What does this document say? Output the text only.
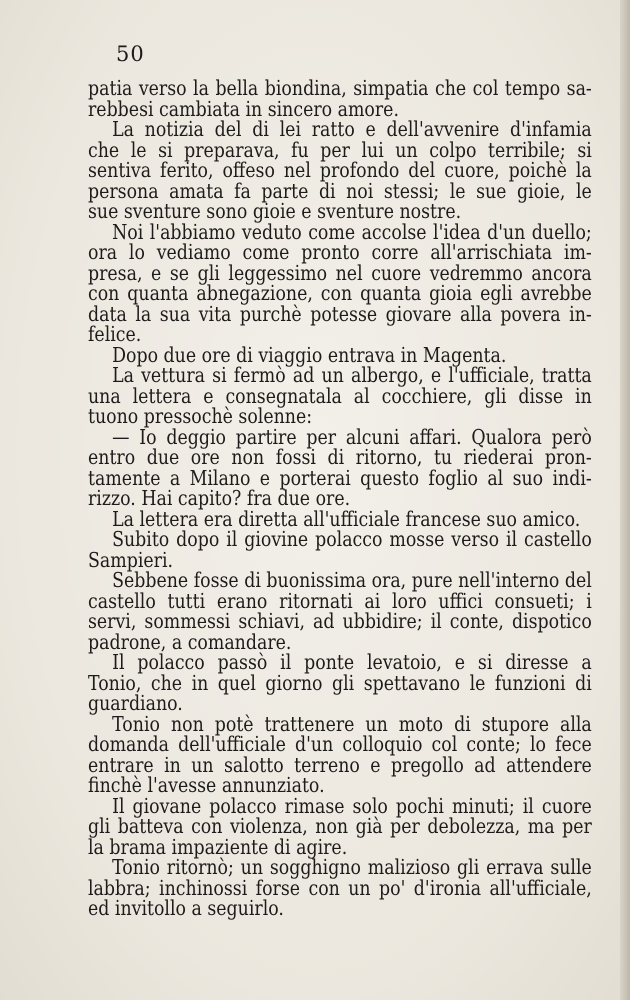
50
patia verso la bella biondina, simpatia che col tempo sa-
rebbesi cambiata in sincero amore.
La notizia del di lei ratto e dell'avvenire d'infamia
che le si preparava, fu per lui un colpo terribile; si
sentiva ferito, offeso nel profondo del cuore, poichè la
persona amata fa parte di noi stessi; le sue gioie, le
sue sventure sono gioie e sventure nostre.
Noi l'abbiamo veduto come accolse l'idea d'un duello;
ora lo vediamo come pronto corre all'arrischiata im-
presa, e se gli leggessimo nel cuore vedremmo ancora
con quanta abnegazione, con quanta gioia egli avrebbe
data la sua vita purchè potesse giovare alla povera in-
felice.
Dopo due ore di viaggio entrava in Magenta.
La vettura si fermò ad un albergo, e l'ufficiale, tratta
una lettera e consegnatala al cocchiere, gli disse in
tuono pressochè solenne:
— Io deggio partire per alcuni affari. Qualora però
entro due ore non fossi di ritorno, tu riederai pron-
tamente a Milano e porterai questo foglio al suo indi-
rizzo. Hai capito? fra due ore.
La lettera era diretta all'ufficiale francese suo amico.
Subito dopo il giovine polacco mosse verso il castello
Sampieri.
Sebbene fosse di buonissima ora, pure nell'interno del
castello tutti erano ritornati ai loro uffici consueti; i
servi, sommessi schiavi, ad ubbidire; il conte, dispotico
padrone, a comandare.
Il polacco passò il ponte levatoio, e si diresse a
Tonio, che in quel giorno gli spettavano le funzioni di
guardiano.
Tonio non potè trattenere un moto di stupore alla
domanda dell'ufficiale d'un colloquio col conte; lo fece
entrare in un salotto terreno e pregollo ad attendere
finchè l'avesse annunziato.
Il giovane polacco rimase solo pochi minuti; il cuore
gli batteva con violenza, non già per debolezza, ma per
la brama impaziente di agire.
Tonio ritornò; un sogghigno malizioso gli errava sulle
labbra; inchinossi forse con un po' d'ironia all'ufficiale,
ed invitollo a seguirlo.
